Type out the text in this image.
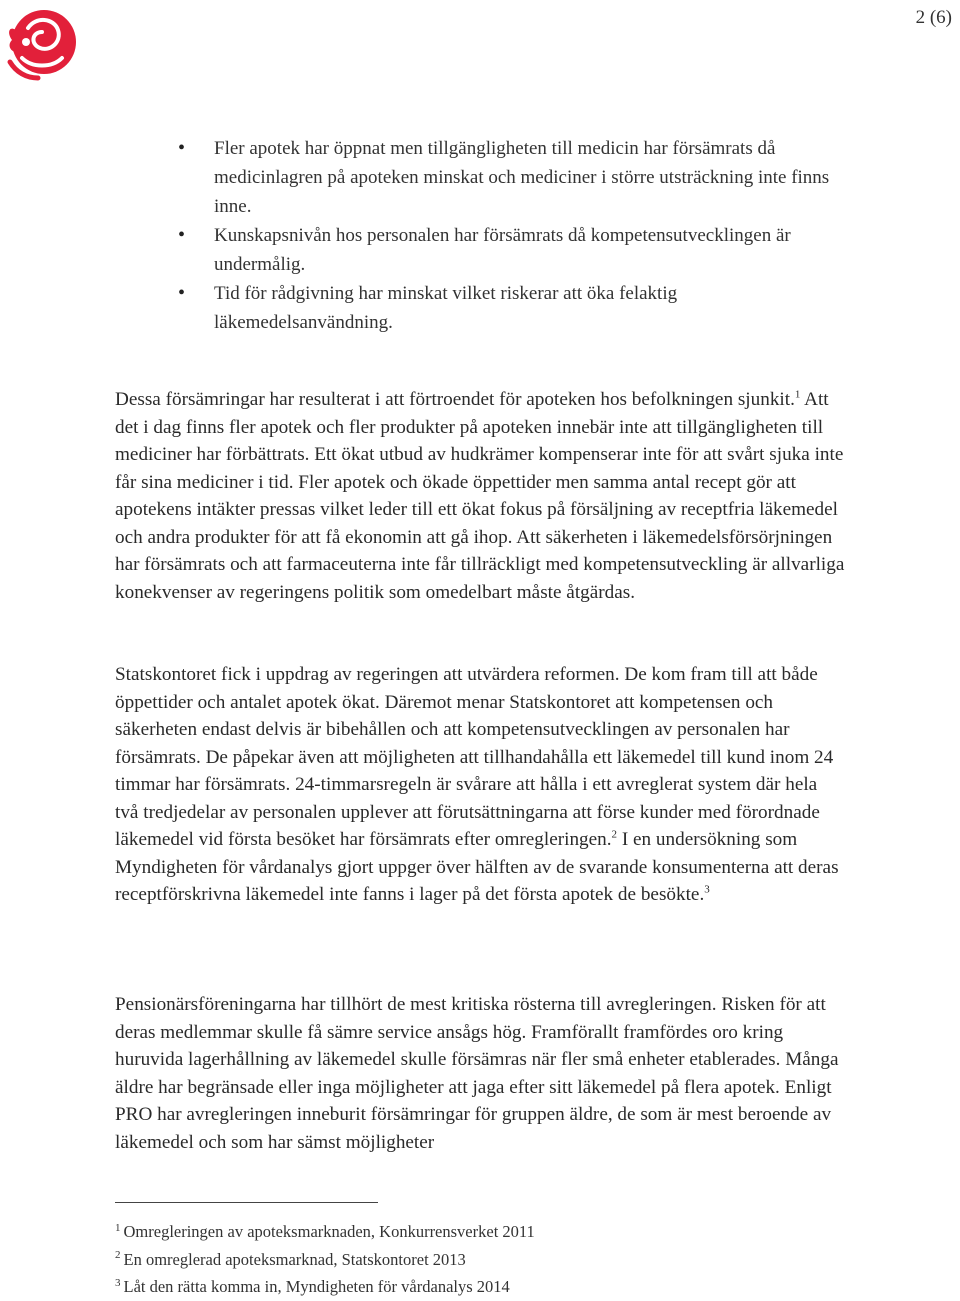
2 (6)
• Fler apotek har öppnat men tillgängligheten till medicin har försämrats då medicinlagren på apoteken minskat och mediciner i större utsträckning inte finns inne.
• Kunskapsnivån hos personalen har försämrats då kompetensutvecklingen är undermålig.
• Tid för rådgivning har minskat vilket riskerar att öka felaktig läkemedelsanvändning.

Dessa försämringar har resulterat i att förtroendet för apoteken hos befolkningen sjunkit.$^1$ Att det i dag finns fler apotek och fler produkter på apoteken innebär inte att tillgängligheten till mediciner har förbättrats. Ett ökat utbud av hudkrämer kompenserar inte för att svårt sjuka inte får sina mediciner i tid. Fler apotek och ökade öppettider men samma antal recept gör att apotekens intäkter pressas vilket leder till ett ökat fokus på försäljning av receptfria läkemedel och andra produkter för att få ekonomin att gå ihop. Att säkerheten i läkemedelsförsörjningen har försämrats och att farmaceuterna inte får tillräckligt med kompetensutveckling är allvarliga konekvenser av regeringens politik som omedelbart måste åtgärdas.

Statskontoret fick i uppdrag av regeringen att utvärdera reformen. De kom fram till att både öppettider och antalet apotek ökat. Däremot menar Statskontoret att kompetensen och säkerheten endast delvis är bibehållen och att kompetensutvecklingen av personalen har försämrats. De påpekar även att möjligheten att tillhandahålla ett läkemedel till kund inom 24 timmar har försämrats. 24-timmarsregeln är svårare att hålla i ett avreglerat system där hela två tredjedelar av personalen upplever att förutsättningarna att förse kunder med förordnade läkemedel vid första besöket har försämrats efter omregleringen.$^2$ I en undersökning som Myndigheten för vårdanalys gjort uppger över hälften av de svarande konsumenterna att deras receptförskrivna läkemedel inte fanns i lager på det första apotek de besökte.$^3$

Pensionärsföreningarna har tillhört de mest kritiska rösterna till avregleringen. Risken för att deras medlemmar skulle få sämre service ansågs hög. Framförallt framfördes oro kring huruvida lagerhållning av läkemedel skulle försämras när fler små enheter etablerades. Många äldre har begränsade eller inga möjligheter att jaga efter sitt läkemedel på flera apotek. Enligt PRO har avregleringen inneburit försämringar för gruppen äldre, de som är mest beroende av läkemedel och som har sämst möjligheter

$^1$ Omregleringen av apoteksmarknaden, Konkurrensverket 2011
$^2$ En omreglerad apoteksmarknad, Statskontoret 2013
$^3$ Låt den rätta komma in, Myndigheten för vårdanalys 2014
